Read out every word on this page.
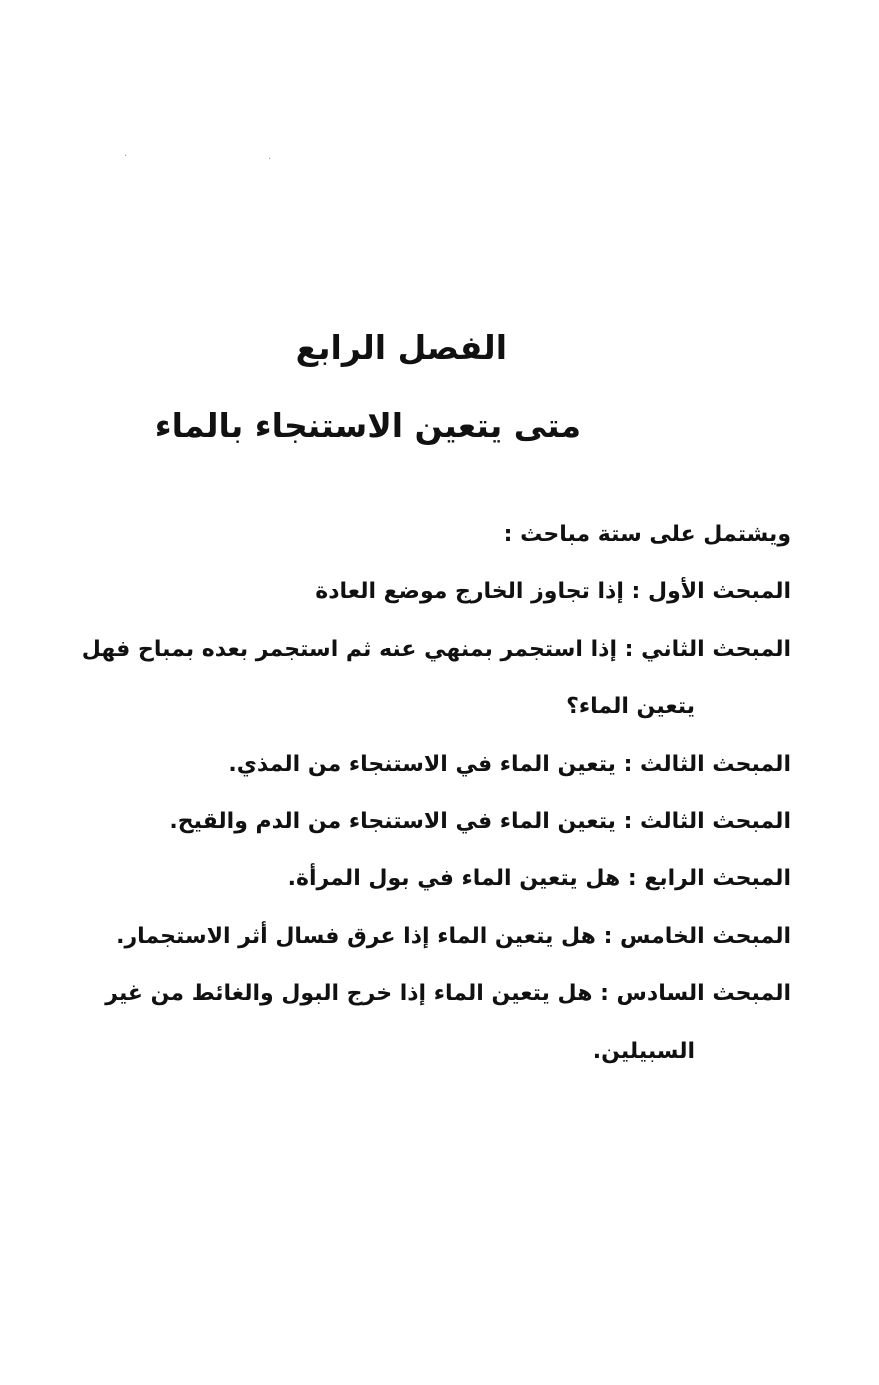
·	·
الفصل الرابع
متى يتعين الاستنجاء بالماء

ويشتمل على ستة مباحث :

المبحث الأول : إذا تجاوز الخارج موضع العادة

المبحث الثاني : إذا استجمر بمنهي عنه ثم استجمر بعده بمباح فهل

يتعين الماء؟

المبحث الثالث : يتعين الماء في الاستنجاء من المذي.

المبحث الثالث : يتعين الماء في الاستنجاء من الدم والقيح.

المبحث الرابع : هل يتعين الماء في بول المرأة.

المبحث الخامس : هل يتعين الماء إذا عرق فسال أثر الاستجمار.

المبحث السادس : هل يتعين الماء إذا خرج البول والغائط من غير

السبيلين.
